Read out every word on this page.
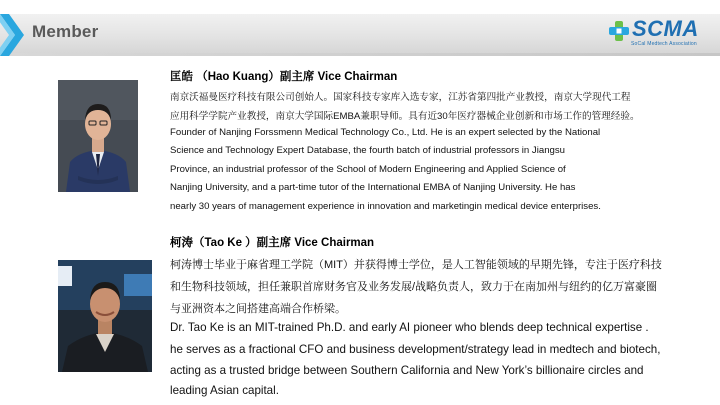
Member	SCMA
SoCal Medtech Association
匡皓 （Hao Kuang）副主席 Vice Chairman
南京沃福曼医疗科技有限公司创始人。国家科技专家库入选专家，江苏省第四批产业教授，南京大学现代工程
应用科学学院产业教授，南京大学国际EMBA兼职导师。具有近30年医疗器械企业创新和市场工作的管理经验。
Founder of Nanjing Forssmenn Medical Technology Co., Ltd. He is an expert selected by the National
Science and Technology Expert Database, the fourth batch of industrial professors in Jiangsu
Province, an industrial professor of the School of Modern Engineering and Applied Science of
Nanjing University, and a part-time tutor of the International EMBA of Nanjing University. He has
nearly 30 years of management experience in innovation and marketingin medical device enterprises.
柯涛（Tao Ke ）副主席 Vice Chairman
柯涛博士毕业于麻省理工学院（MIT）并获得博士学位，是人工智能领域的早期先锋，专注于医疗科技
和生物科技领域，担任兼职首席财务官及业务发展/战略负责人，致力于在南加州与纽约的亿万富豪圈
与亚洲资本之间搭建高端合作桥梁。
Dr. Tao Ke is an MIT-trained Ph.D. and early AI pioneer who blends deep technical expertise .
he serves as a fractional CFO and business development/strategy lead in medtech and biotech,
acting as a trusted bridge between Southern California and New York’s billionaire circles and
leading Asian capital.
